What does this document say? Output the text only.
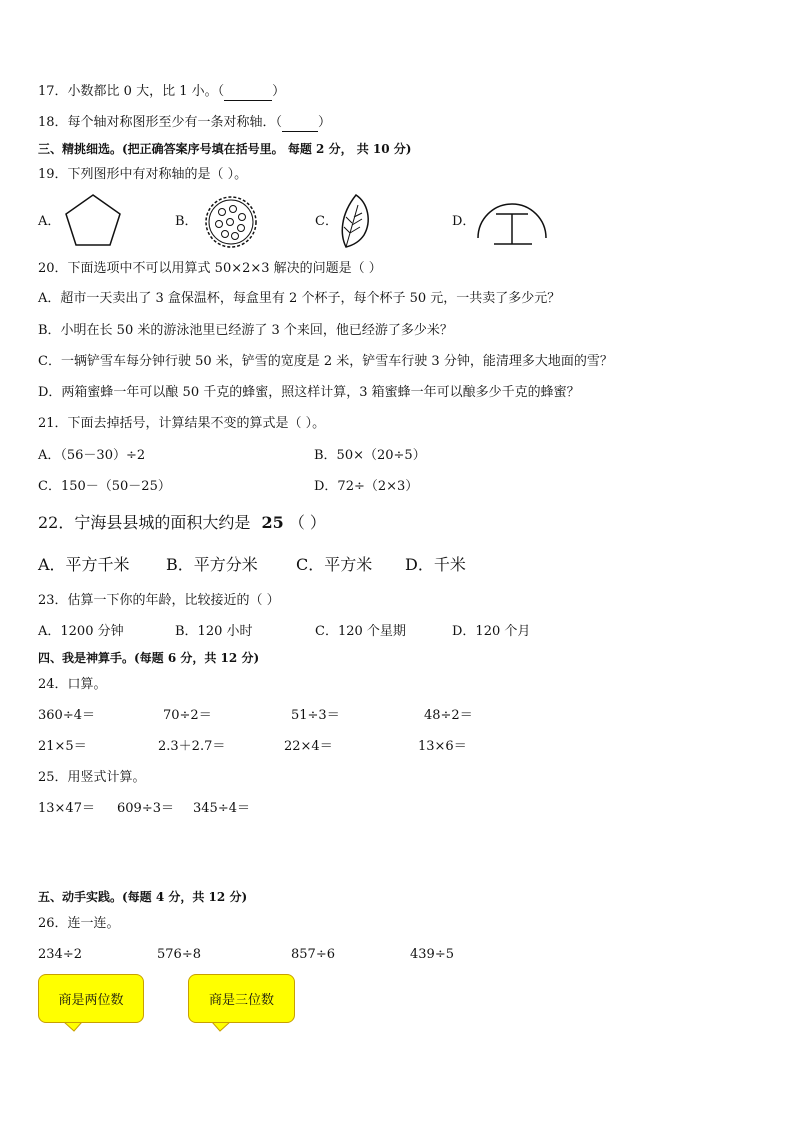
17．小数都比 0 大，比 1 小。（	）
18．每个轴对称图形至少有一条对称轴．（	）
三、精挑细选。(把正确答案序号填在括号里。 每题 2 分， 共 10 分)
19．下列图形中有对称轴的是（ ）。
A．	B．	C．	D．
20．下面选项中不可以用算式 50×2×3 解决的问题是（ ）
A．超市一天卖出了 3 盒保温杯，每盒里有 2 个杯子，每个杯子 50 元，一共卖了多少元？
B．小明在长 50 米的游泳池里已经游了 3 个来回，他已经游了多少米？
C．一辆铲雪车每分钟行驶 50 米，铲雪的宽度是 2 米，铲雪车行驶 3 分钟，能清理多大地面的雪？
D．两箱蜜蜂一年可以酿 50 千克的蜂蜜，照这样计算，3 箱蜜蜂一年可以酿多少千克的蜂蜜？
21．下面去掉括号，计算结果不变的算式是（ ）。
A．（56－30）÷2	B．50×（20÷5）
C．150－（50－25）	D．72÷（2×3）
22．宁海县县城的面积大约是 25 （ ）
A．平方千米 B．平方分米 C．平方米 D．千米
23．估算一下你的年龄，比较接近的（ ）
A．1200 分钟	B．120 小时	C．120 个星期	D．120 个月
四、我是神算手。(每题 6 分，共 12 分)
24．口算。
360÷4＝	70÷2＝	51÷3＝	48÷2＝
21×5＝	2.3＋2.7＝	22×4＝	13×6＝
25．用竖式计算。
13×47＝ 609÷3＝ 345÷4＝
五、动手实践。(每题 4 分，共 12 分)
26．连一连。
234÷2	576÷8	857÷6	439÷5
商是两位数	商是三位数
